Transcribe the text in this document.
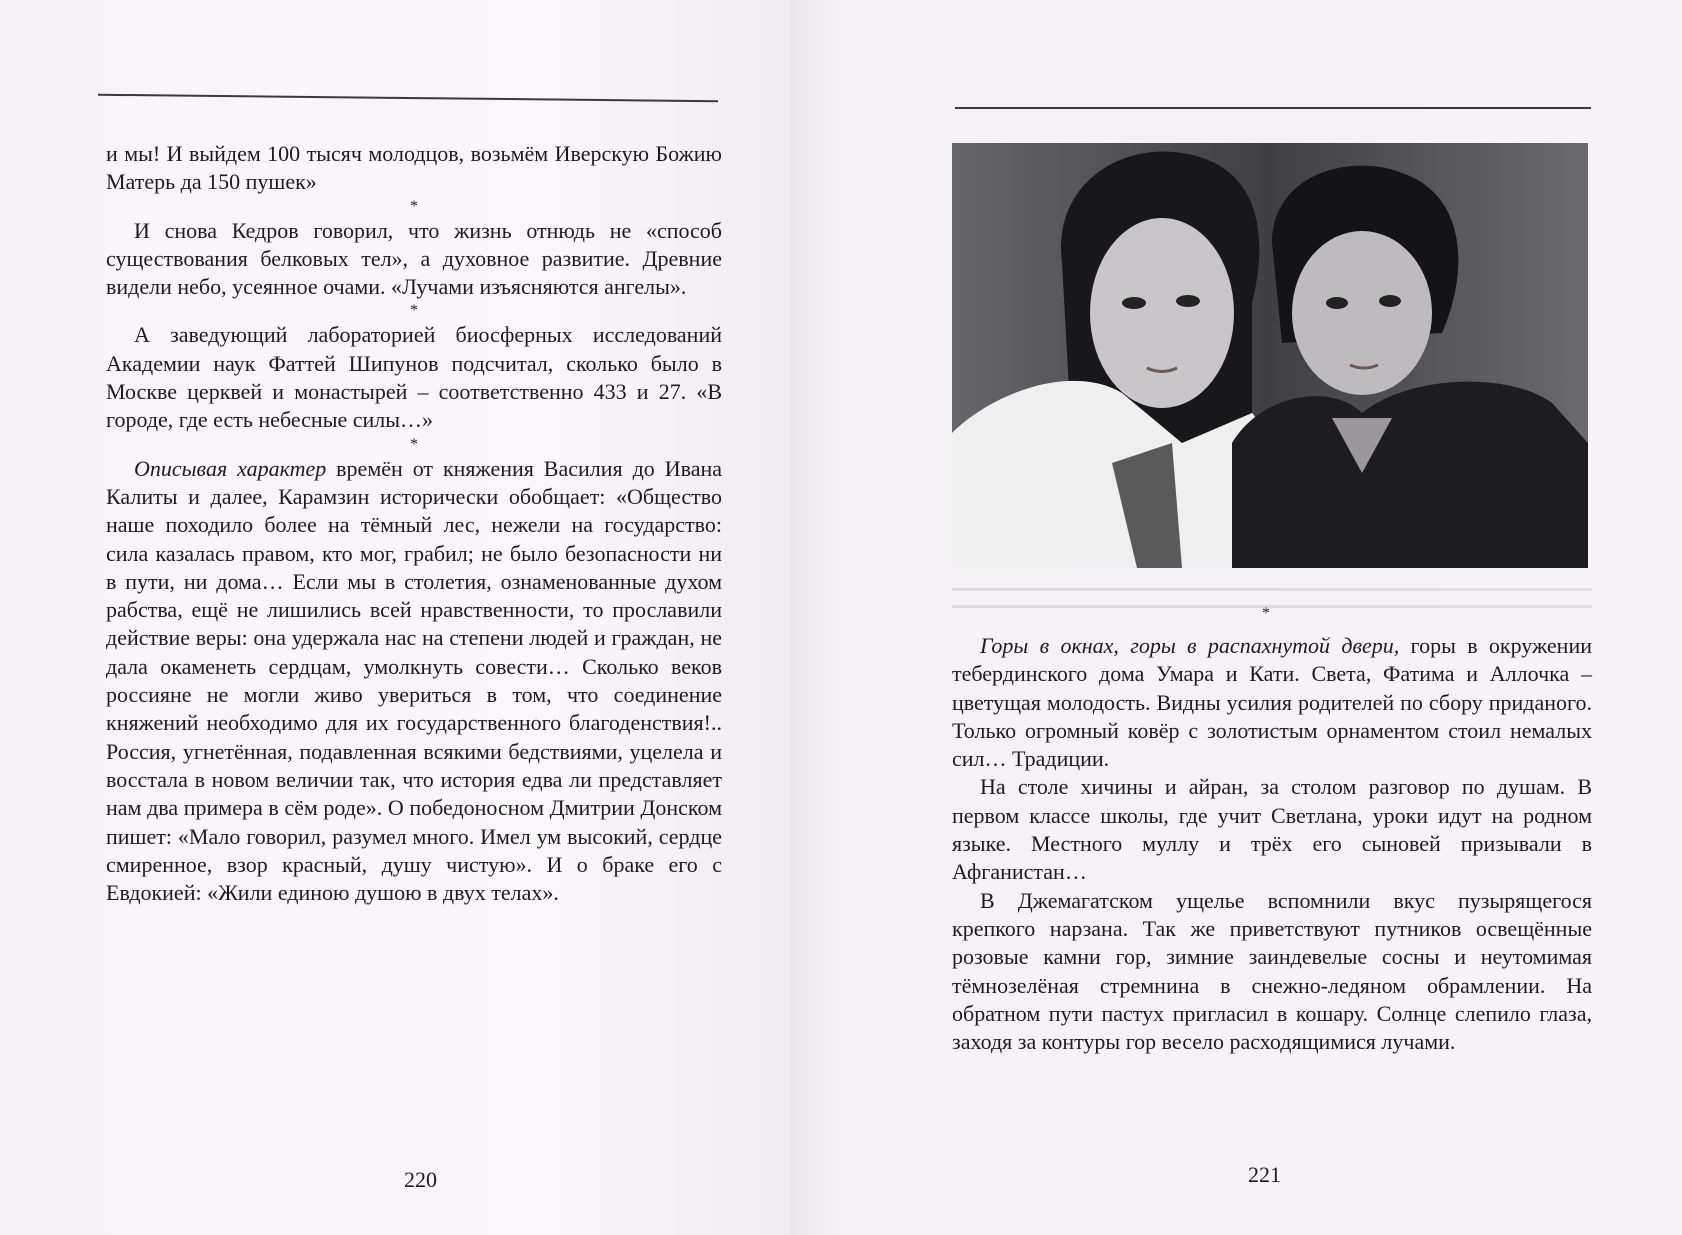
и мы! И выйдем 100 тысяч молодцов, возьмём Иверскую Божию Матерь да 150 пушек»

*

И снова Кедров говорил, что жизнь отнюдь не «способ существования белковых тел», а духовное развитие. Древние видели небо, усеянное очами. «Лучами изъясняются ангелы».

*

А заведующий лабораторией биосферных исследований Академии наук Фаттей Шипунов подсчитал, сколько было в Москве церквей и монастырей – соответственно 433 и 27. «В городе, где есть небесные силы…»

*

Описывая характер времён от княжения Василия до Ивана Калиты и далее, Карамзин исторически обобщает: «Общество наше походило более на тёмный лес, нежели на государство: сила казалась правом, кто мог, грабил; не было безопасности ни в пути, ни дома… Если мы в столетия, ознаменованные духом рабства, ещё не лишились всей нравственности, то прославили действие веры: она удержала нас на степени людей и граждан, не дала окаменеть сердцам, умолкнуть совести… Сколько веков россияне не могли живо увериться в том, что соединение княжений необходимо для их государственного благоденствия!.. Россия, угнетённая, подавленная всякими бедствиями, уцелела и восстала в новом величии так, что история едва ли представляет нам два примера в сём роде». О победоносном Дмитрии Донском пишет: «Мало говорил, разумел много. Имел ум высокий, сердце смиренное, взор красный, душу чистую». И о браке его с Евдокией: «Жили единою душою в двух телах».

*

Горы в окнах, горы в распахнутой двери, горы в окружении тебердинского дома Умара и Кати. Света, Фатима и Аллочка – цветущая молодость. Видны усилия родителей по сбору приданого. Только огромный ковёр с золотистым орнаментом стоил немалых сил… Традиции.

На столе хичины и айран, за столом разговор по душам. В первом классе школы, где учит Светлана, уроки идут на родном языке. Местного муллу и трёх его сыновей призывали в Афганистан…

В Джемагатском ущелье вспомнили вкус пузырящегося крепкого нарзана. Так же приветствуют путников освещённые розовые камни гор, зимние заиндевелые сосны и неутомимая тёмнозелёная стремнина в снежно-ледяном обрамлении. На обратном пути пастух пригласил в кошару. Солнце слепило глаза, заходя за контуры гор весело расходящимися лучами.

220	221
